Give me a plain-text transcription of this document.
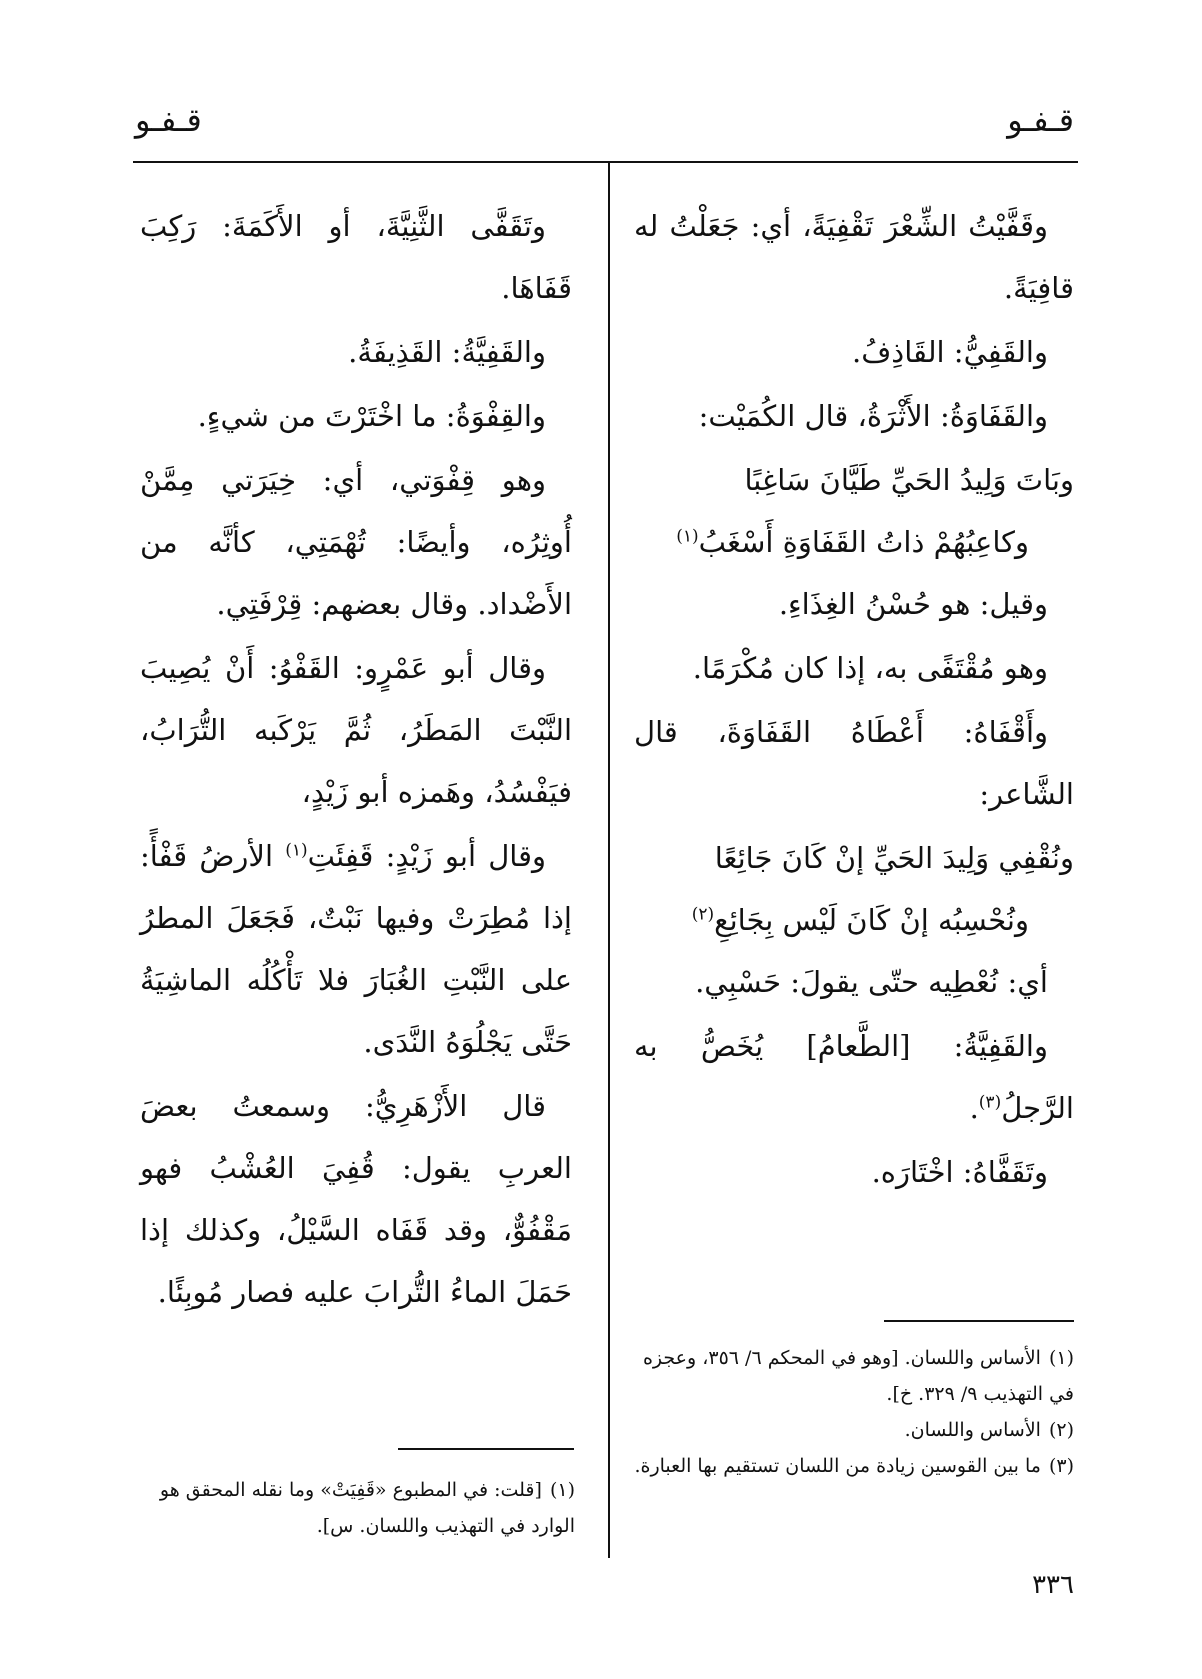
قـفـو
قـفـو

وقَفَّيْتُ الشِّعْرَ تَقْفِيَةً، أي: جَعَلْتُ له قافِيَةً.

والقَفِيُّ: القَاذِفُ.

والقَفَاوَةُ: الأَثْرَةُ، قال الكُمَيْت:

وبَاتَ وَلِيدُ الحَيِّ طَيَّانَ سَاغِبًا

وكاعِبُهُمْ ذاتُ القَفَاوَةِ أَسْغَبُ$^{(١)}$

وقيل: هو حُسْنُ الغِذَاءِ.

وهو مُقْتَفًى به، إذا كان مُكْرَمًا.

وأَقْفَاهُ: أَعْطَاهُ القَفَاوَةَ، قال الشَّاعر:

ونُقْفِي وَلِيدَ الحَيِّ إنْ كَانَ جَائِعًا

ونُحْسِبُه إنْ كَانَ لَيْس بِجَائِعِ$^{(٢)}$

أي: نُعْطِيه حتّى يقولَ: حَسْبِي.

والقَفِيَّةُ: [الطَّعامُ] يُخَصُّ به الرَّجلُ$^{(٣)}$.

وتَقَفَّاهُ: اخْتَارَه.

وتَقَفَّى الثَّنِيَّةَ، أو الأَكَمَةَ: رَكِبَ قَفَاهَا.

والقَفِيَّةُ: القَذِيفَةُ.

والقِفْوَةُ: ما اخْتَرْتَ من شيءٍ.

وهو قِفْوَتي، أي: خِيَرَتي مِمَّنْ أُوثِرُه، وأيضًا: تُهْمَتِي، كأنَّه من الأَضْداد. وقال بعضهم: قِرْفَتِي.

وقال أبو عَمْرٍو: القَفْوُ: أَنْ يُصِيبَ النَّبْتَ المَطَرُ، ثُمَّ يَرْكَبه التُّرَابُ، فيَفْسُدُ، وهَمزه أبو زَيْدٍ،

وقال أبو زَيْدٍ: قَفِئَتِ$^{(١)}$ الأرضُ قَفْأً: إذا مُطِرَتْ وفيها نَبْتٌ، فَجَعَلَ المطرُ على النَّبْتِ الغُبَارَ فلا تَأْكُلُه الماشِيَةُ حَتَّى يَجْلُوَهُ النَّدَى.

قال الأَزْهَرِيُّ: وسمعتُ بعضَ العربِ يقول: قُفِيَ العُشْبُ فهو مَقْفُوٌّ، وقد قَفَاه السَّيْلُ، وكذلك إذا حَمَلَ الماءُ التُّرابَ عليه فصار مُوبِئًا.

(١)الأساس واللسان. [وهو في المحكم ٦/ ٣٥٦، وعجزه في التهذيب ٩/ ٣٢٩. خ].

(٢)الأساس واللسان.

(٣)ما بين القوسين زيادة من اللسان تستقيم بها العبارة.

(١)[قلت: في المطبوع «قَفِيَتْ» وما نقله المحقق هو الوارد في التهذيب واللسان. س].

٣٣٦
